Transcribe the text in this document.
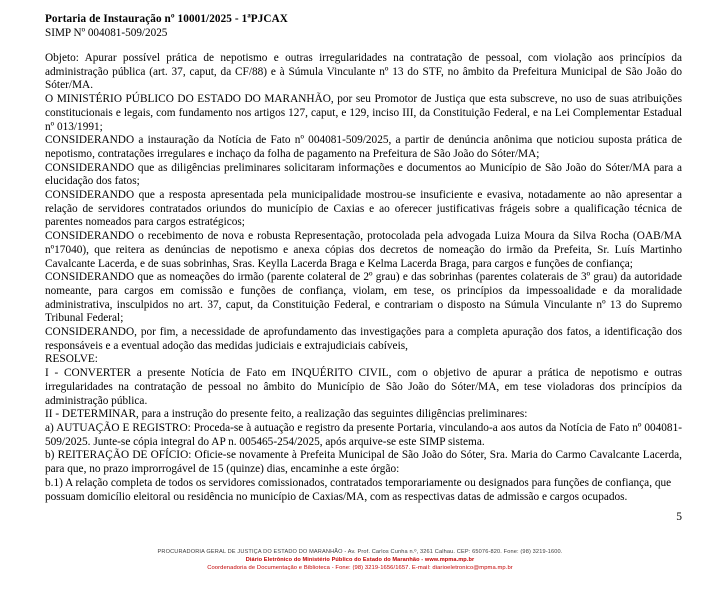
Portaria de Instauração nº 10001/2025 - 1ªPJCAX
SIMP Nº 004081-509/2025

Objeto: Apurar possível prática de nepotismo e outras irregularidades na contratação de pessoal, com violação aos princípios da administração pública (art. 37, caput, da CF/88) e à Súmula Vinculante nº 13 do STF, no âmbito da Prefeitura Municipal de São João do Sóter/MA.

O MINISTÉRIO PÚBLICO DO ESTADO DO MARANHÃO, por seu Promotor de Justiça que esta subscreve, no uso de suas atribuições constitucionais e legais, com fundamento nos artigos 127, caput, e 129, inciso III, da Constituição Federal, e na Lei Complementar Estadual nº 013/1991;

CONSIDERANDO a instauração da Notícia de Fato nº 004081-509/2025, a partir de denúncia anônima que noticiou suposta prática de nepotismo, contratações irregulares e inchaço da folha de pagamento na Prefeitura de São João do Sóter/MA;

CONSIDERANDO que as diligências preliminares solicitaram informações e documentos ao Município de São João do Sóter/MA para a elucidação dos fatos;

CONSIDERANDO que a resposta apresentada pela municipalidade mostrou-se insuficiente e evasiva, notadamente ao não apresentar a relação de servidores contratados oriundos do município de Caxias e ao oferecer justificativas frágeis sobre a qualificação técnica de parentes nomeados para cargos estratégicos;

CONSIDERANDO o recebimento de nova e robusta Representação, protocolada pela advogada Luiza Moura da Silva Rocha (OAB/MA nº17040), que reitera as denúncias de nepotismo e anexa cópias dos decretos de nomeação do irmão da Prefeita, Sr. Luís Martinho Cavalcante Lacerda, e de suas sobrinhas, Sras. Keylla Lacerda Braga e Kelma Lacerda Braga, para cargos e funções de confiança;

CONSIDERANDO que as nomeações do irmão (parente colateral de 2º grau) e das sobrinhas (parentes colaterais de 3º grau) da autoridade nomeante, para cargos em comissão e funções de confiança, violam, em tese, os princípios da impessoalidade e da moralidade administrativa, insculpidos no art. 37, caput, da Constituição Federal, e contrariam o disposto na Súmula Vinculante nº 13 do Supremo Tribunal Federal;

CONSIDERANDO, por fim, a necessidade de aprofundamento das investigações para a completa apuração dos fatos, a identificação dos responsáveis e a eventual adoção das medidas judiciais e extrajudiciais cabíveis,

RESOLVE:

I - CONVERTER a presente Notícia de Fato em INQUÉRITO CIVIL, com o objetivo de apurar a prática de nepotismo e outras irregularidades na contratação de pessoal no âmbito do Município de São João do Sóter/MA, em tese violadoras dos princípios da administração pública.

II - DETERMINAR, para a instrução do presente feito, a realização das seguintes diligências preliminares:

a) AUTUAÇÃO E REGISTRO: Proceda-se à autuação e registro da presente Portaria, vinculando-a aos autos da Notícia de Fato nº 004081-509/2025. Junte-se cópia integral do AP n. 005465-254/2025, após arquive-se este SIMP sistema.

b) REITERAÇÃO DE OFÍCIO: Oficie-se novamente à Prefeita Municipal de São João do Sóter, Sra. Maria do Carmo Cavalcante Lacerda, para que, no prazo improrrogável de 15 (quinze) dias, encaminhe a este órgão:

b.1) A relação completa de todos os servidores comissionados, contratados temporariamente ou designados para funções de confiança, que possuam domicílio eleitoral ou residência no município de Caxias/MA, com as respectivas datas de admissão e cargos ocupados.

5
PROCURADORIA GERAL DE JUSTIÇA DO ESTADO DO MARANHÃO - Av. Prof. Carlos Cunha n.º, 3261 Calhau. CEP: 65076-820. Fone: (98) 3219-1600.
Diário Eletrônico do Ministério Público do Estado do Maranhão - www.mpma.mp.br
Coordenadoria de Documentação e Biblioteca - Fone: (98) 3219-1656/1657. E-mail: diarioeletronico@mpma.mp.br
